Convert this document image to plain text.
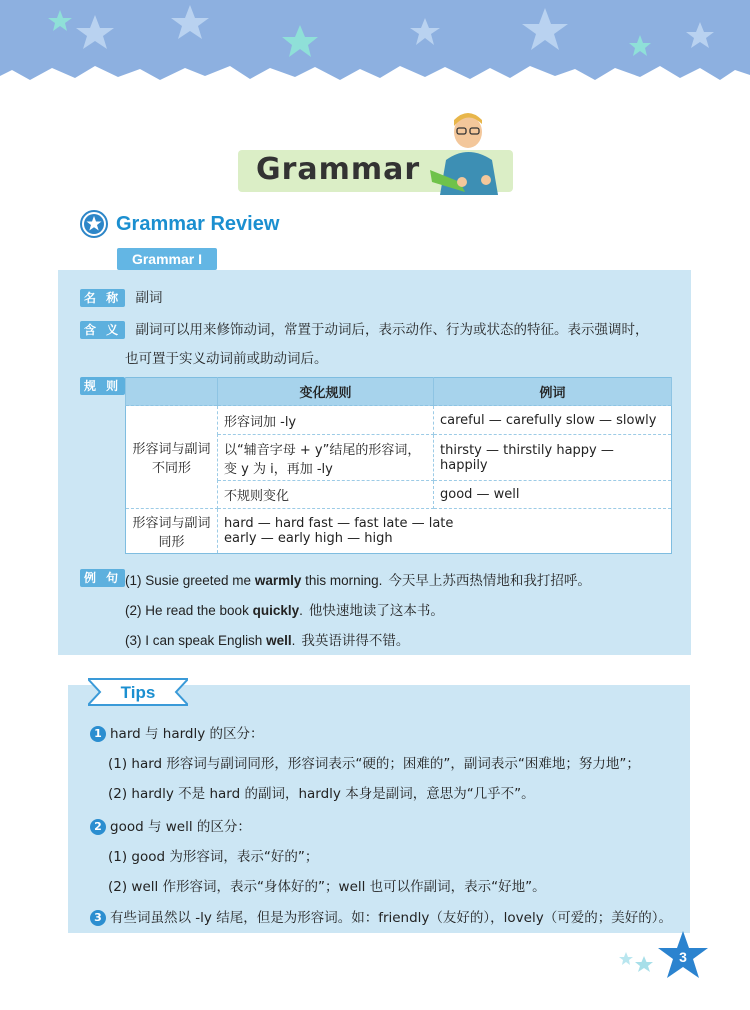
Grammar
Grammar Review
Grammar I
名 称 副词
含 义 副词可以用来修饰动词，常置于动词后，表示动作、行为或状态的特征。表示强调时，
也可置于实义动词前或助动词后。
规 则
		变化规则	例词
形容词与副词不同形	形容词加 -ly	careful — carefully slow — slowly
	以“辅音字母 + y”结尾的形容词，变 y 为 i，再加 -ly	thirsty — thirstily happy — happily
	不规则变化	good — well
形容词与副词同形	hard — hard fast — fast late — late
early — early high — high	
例 句 (1) Susie greeted me warmly this morning. 今天早上苏西热情地和我打招呼。
(2) He read the book quickly. 他快速地读了这本书。
(3) I can speak English well. 我英语讲得不错。
Tips
1 hard 与 hardly 的区分：
(1) hard 形容词与副词同形，形容词表示“硬的；困难的”，副词表示“困难地；努力地”；
(2) hardly 不是 hard 的副词，hardly 本身是副词，意思为“几乎不”。
2 good 与 well 的区分：
(1) good 为形容词，表示“好的”；
(2) well 作形容词，表示“身体好的”；well 也可以作副词，表示“好地”。
3 有些词虽然以 -ly 结尾，但是为形容词。如：friendly（友好的），lovely（可爱的；美好的）。
3
